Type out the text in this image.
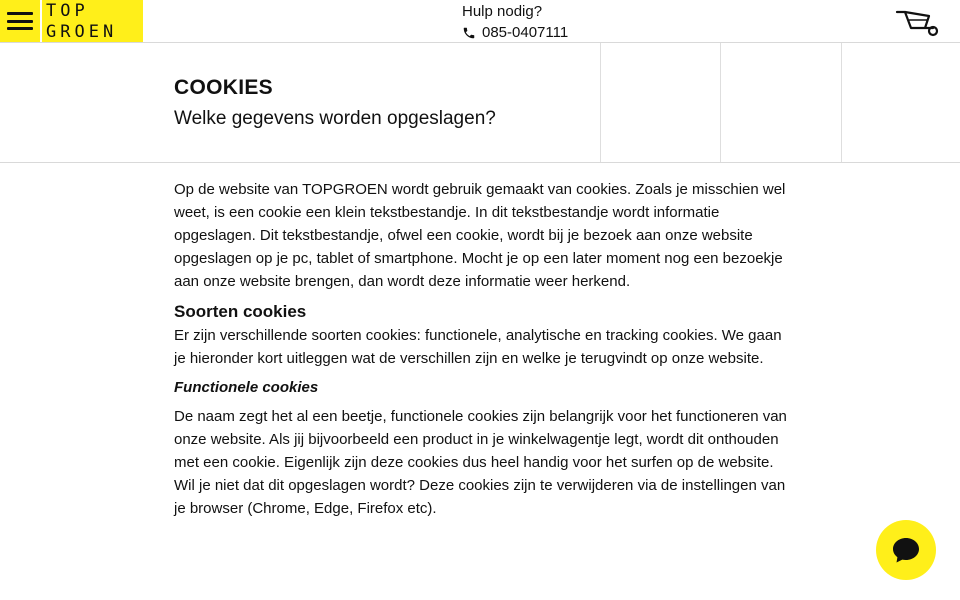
TOP
GROEN
Hulp nodig?
085-0407111
COOKIES

Welke gegevens worden opgeslagen?

Op de website van TOPGROEN wordt gebruik gemaakt van cookies. Zoals je misschien wel weet, is een cookie een klein tekstbestandje. In dit tekstbestandje wordt informatie opgeslagen. Dit tekstbestandje, ofwel een cookie, wordt bij je bezoek aan onze website opgeslagen op je pc, tablet of smartphone. Mocht je op een later moment nog een bezoekje aan onze website brengen, dan wordt deze informatie weer herkend.

Soorten cookies

Er zijn verschillende soorten cookies: functionele, analytische en tracking cookies. We gaan je hieronder kort uitleggen wat de verschillen zijn en welke je terugvindt op onze website.

Functionele cookies

De naam zegt het al een beetje, functionele cookies zijn belangrijk voor het functioneren van onze website. Als jij bijvoorbeeld een product in je winkelwagentje legt, wordt dit onthouden met een cookie. Eigenlijk zijn deze cookies dus heel handig voor het surfen op de website. Wil je niet dat dit opgeslagen wordt? Deze cookies zijn te verwijderen via de instellingen van je browser (Chrome, Edge, Firefox etc).
